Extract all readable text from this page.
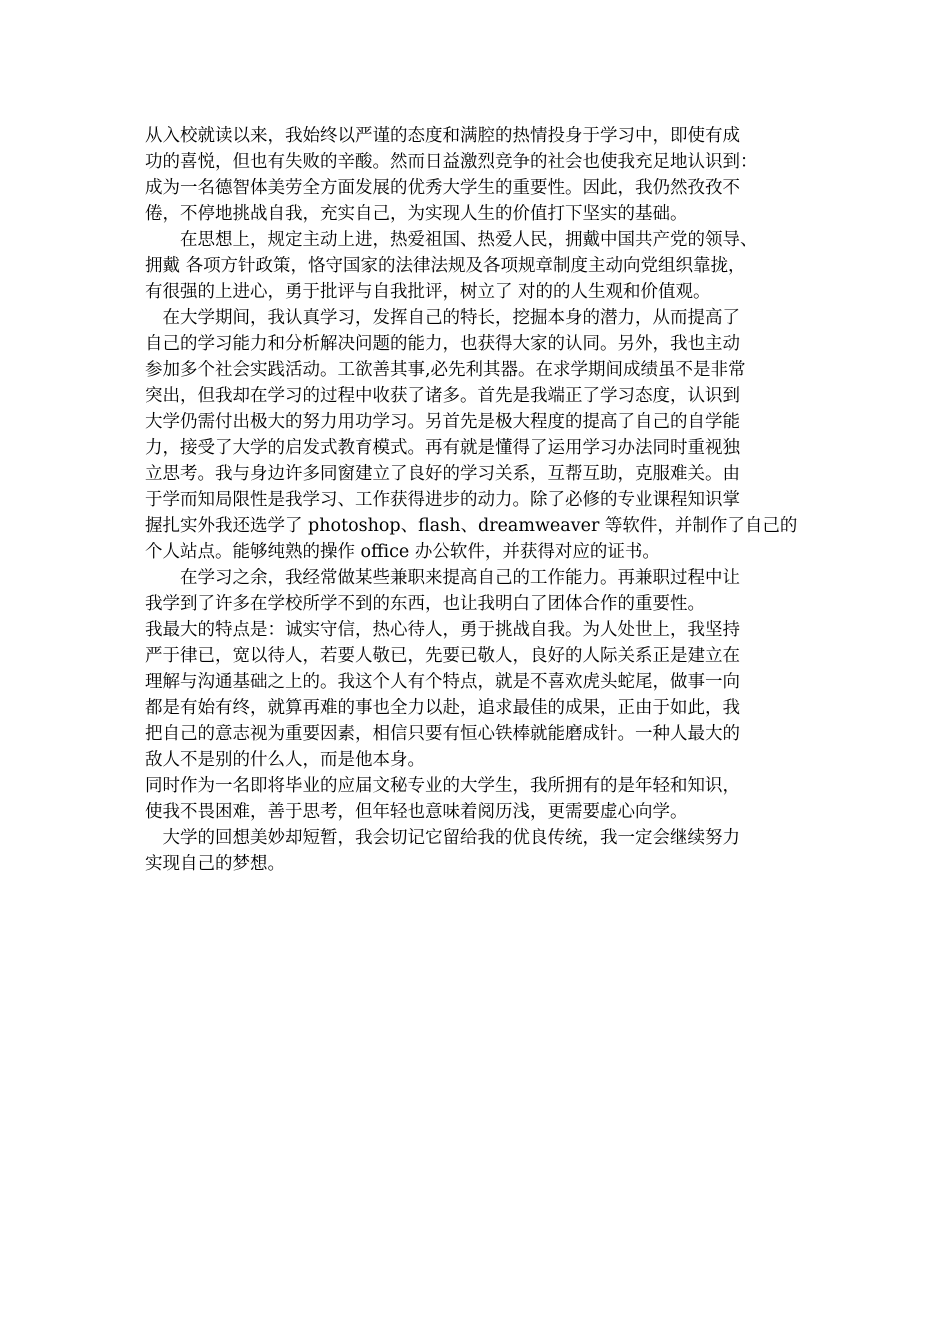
从入校就读以来，我始终以严谨的态度和满腔的热情投身于学习中，即使有成
功的喜悦，但也有失败的辛酸。然而日益激烈竞争的社会也使我充足地认识到：
成为一名德智体美劳全方面发展的优秀大学生的重要性。因此，我仍然孜孜不
倦，不停地挑战自我，充实自己，为实现人生的价值打下坚实的基础。
　　在思想上，规定主动上进，热爱祖国、热爱人民，拥戴中国共产党的领导、
拥戴 各项方针政策，恪守国家的法律法规及各项规章制度主动向党组织靠拢，
有很强的上进心，勇于批评与自我批评，树立了 对的的人生观和价值观。
　在大学期间，我认真学习，发挥自己的特长，挖掘本身的潜力，从而提高了
自己的学习能力和分析解决问题的能力，也获得大家的认同。另外，我也主动
参加多个社会实践活动。工欲善其事,必先利其器。在求学期间成绩虽不是非常
突出，但我却在学习的过程中收获了诸多。首先是我端正了学习态度，认识到
大学仍需付出极大的努力用功学习。另首先是极大程度的提高了自己的自学能
力，接受了大学的启发式教育模式。再有就是懂得了运用学习办法同时重视独
立思考。我与身边许多同窗建立了良好的学习关系，互帮互助，克服难关。由
于学而知局限性是我学习、工作获得进步的动力。除了必修的专业课程知识掌
握扎实外我还选学了 photoshop、flash、dreamweaver 等软件，并制作了自己的
个人站点。能够纯熟的操作 office 办公软件，并获得对应的证书。
　　在学习之余，我经常做某些兼职来提高自己的工作能力。再兼职过程中让
我学到了许多在学校所学不到的东西，也让我明白了团体合作的重要性。
我最大的特点是：诚实守信，热心待人，勇于挑战自我。为人处世上，我坚持
严于律已，宽以待人，若要人敬已，先要已敬人，良好的人际关系正是建立在
理解与沟通基础之上的。我这个人有个特点，就是不喜欢虎头蛇尾，做事一向
都是有始有终，就算再难的事也全力以赴，追求最佳的成果，正由于如此，我
把自己的意志视为重要因素，相信只要有恒心铁棒就能磨成针。一种人最大的
敌人不是别的什么人，而是他本身。
同时作为一名即将毕业的应届文秘专业的大学生，我所拥有的是年轻和知识，
使我不畏困难，善于思考，但年轻也意味着阅历浅，更需要虚心向学。
　大学的回想美妙却短暂，我会切记它留给我的优良传统，我一定会继续努力
实现自己的梦想。
